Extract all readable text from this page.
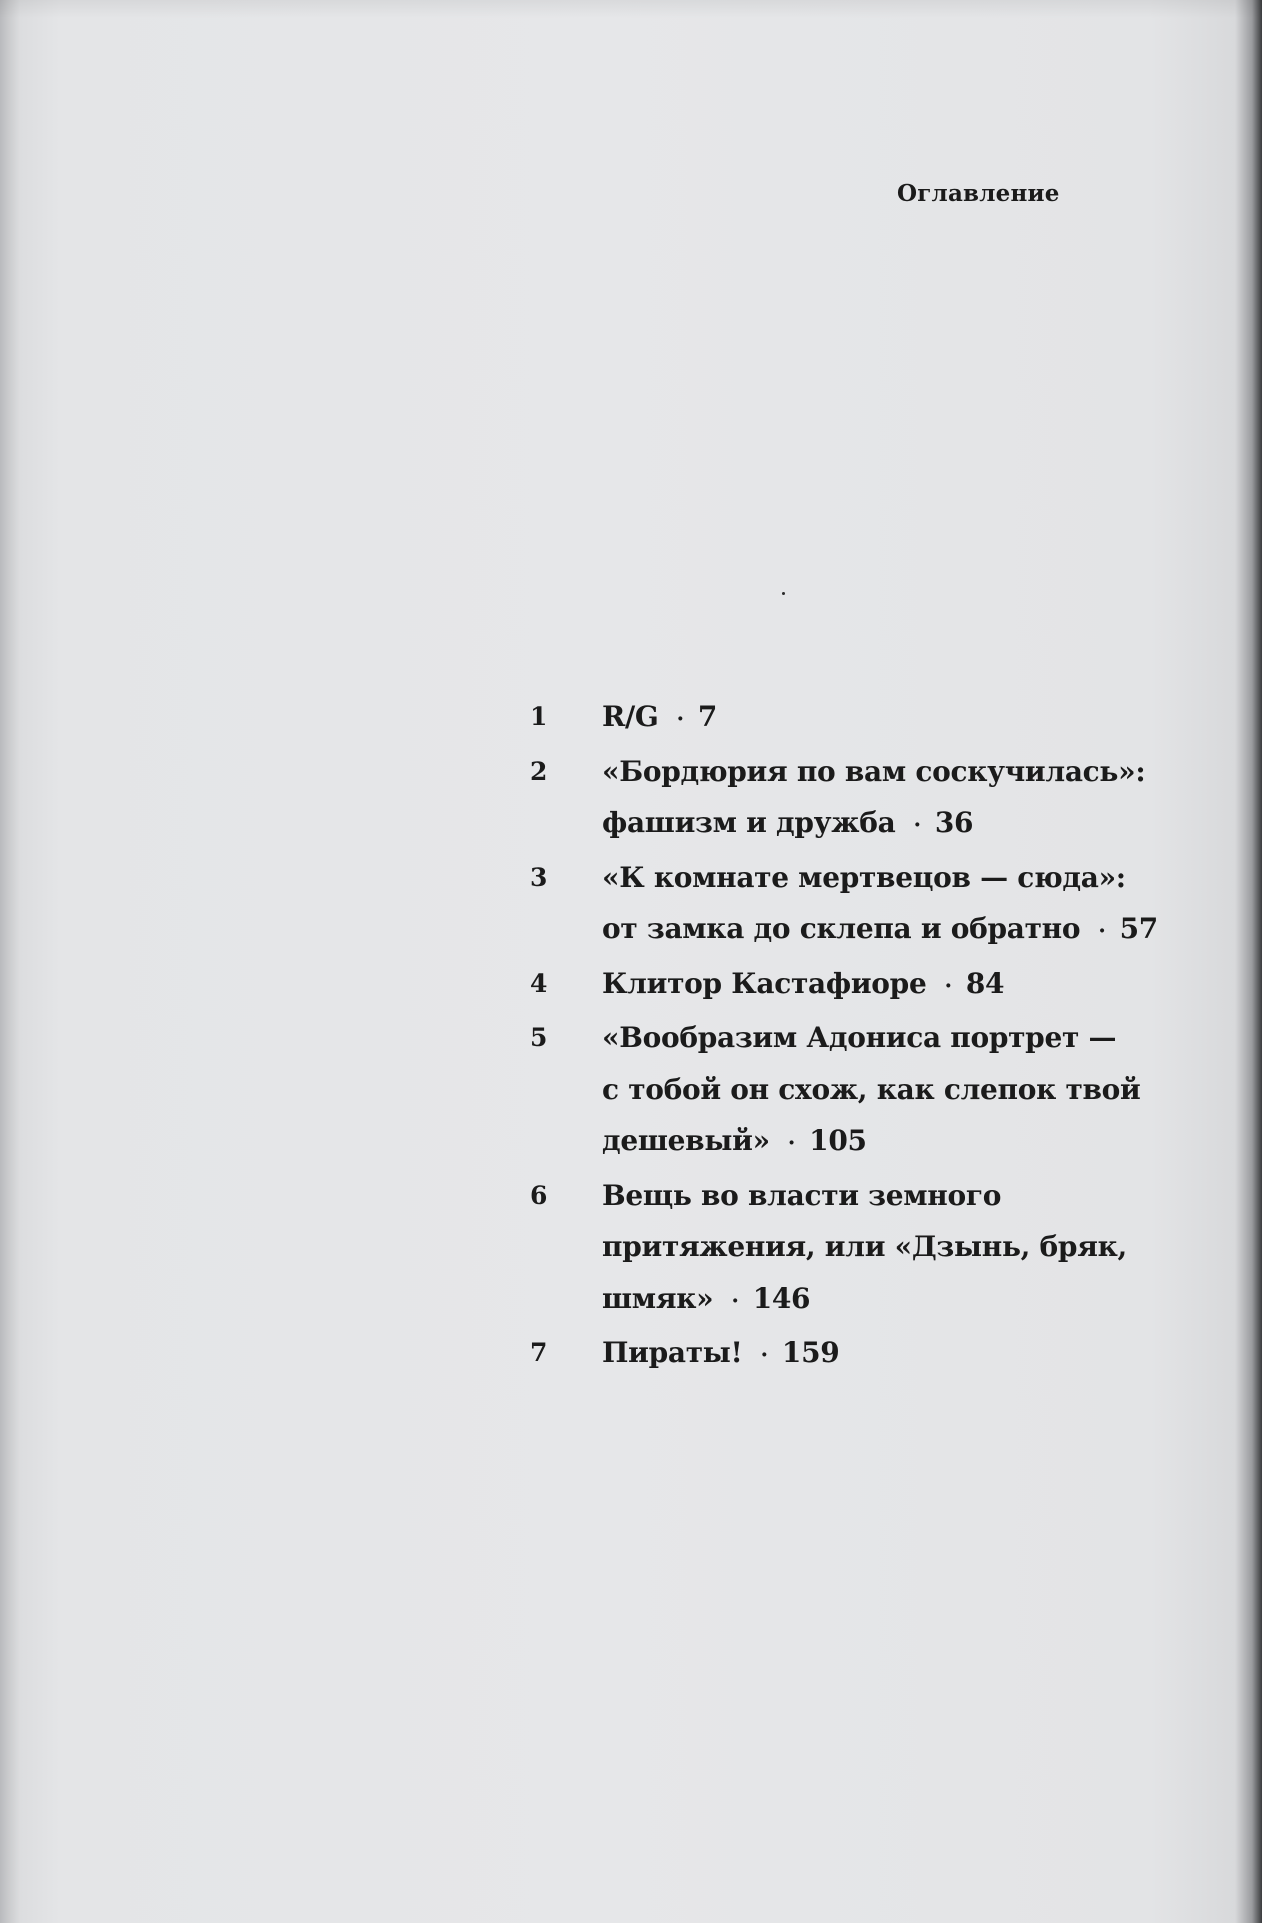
Оглавление
1	R/G · 7
2	«Бордюрия по вам соскучилась»:
фашизм и дружба · 36
3	«К комнате мертвецов — сюда»:
от замка до склепа и обратно · 57
4	Клитор Кастафиоре · 84
5	«Вообразим Адониса портрет —
с тобой он схож, как слепок твой
дешевый» · 105
6	Вещь во власти земного
притяжения, или «Дзынь, бряк,
шмяк» · 146
7	Пираты! · 159
